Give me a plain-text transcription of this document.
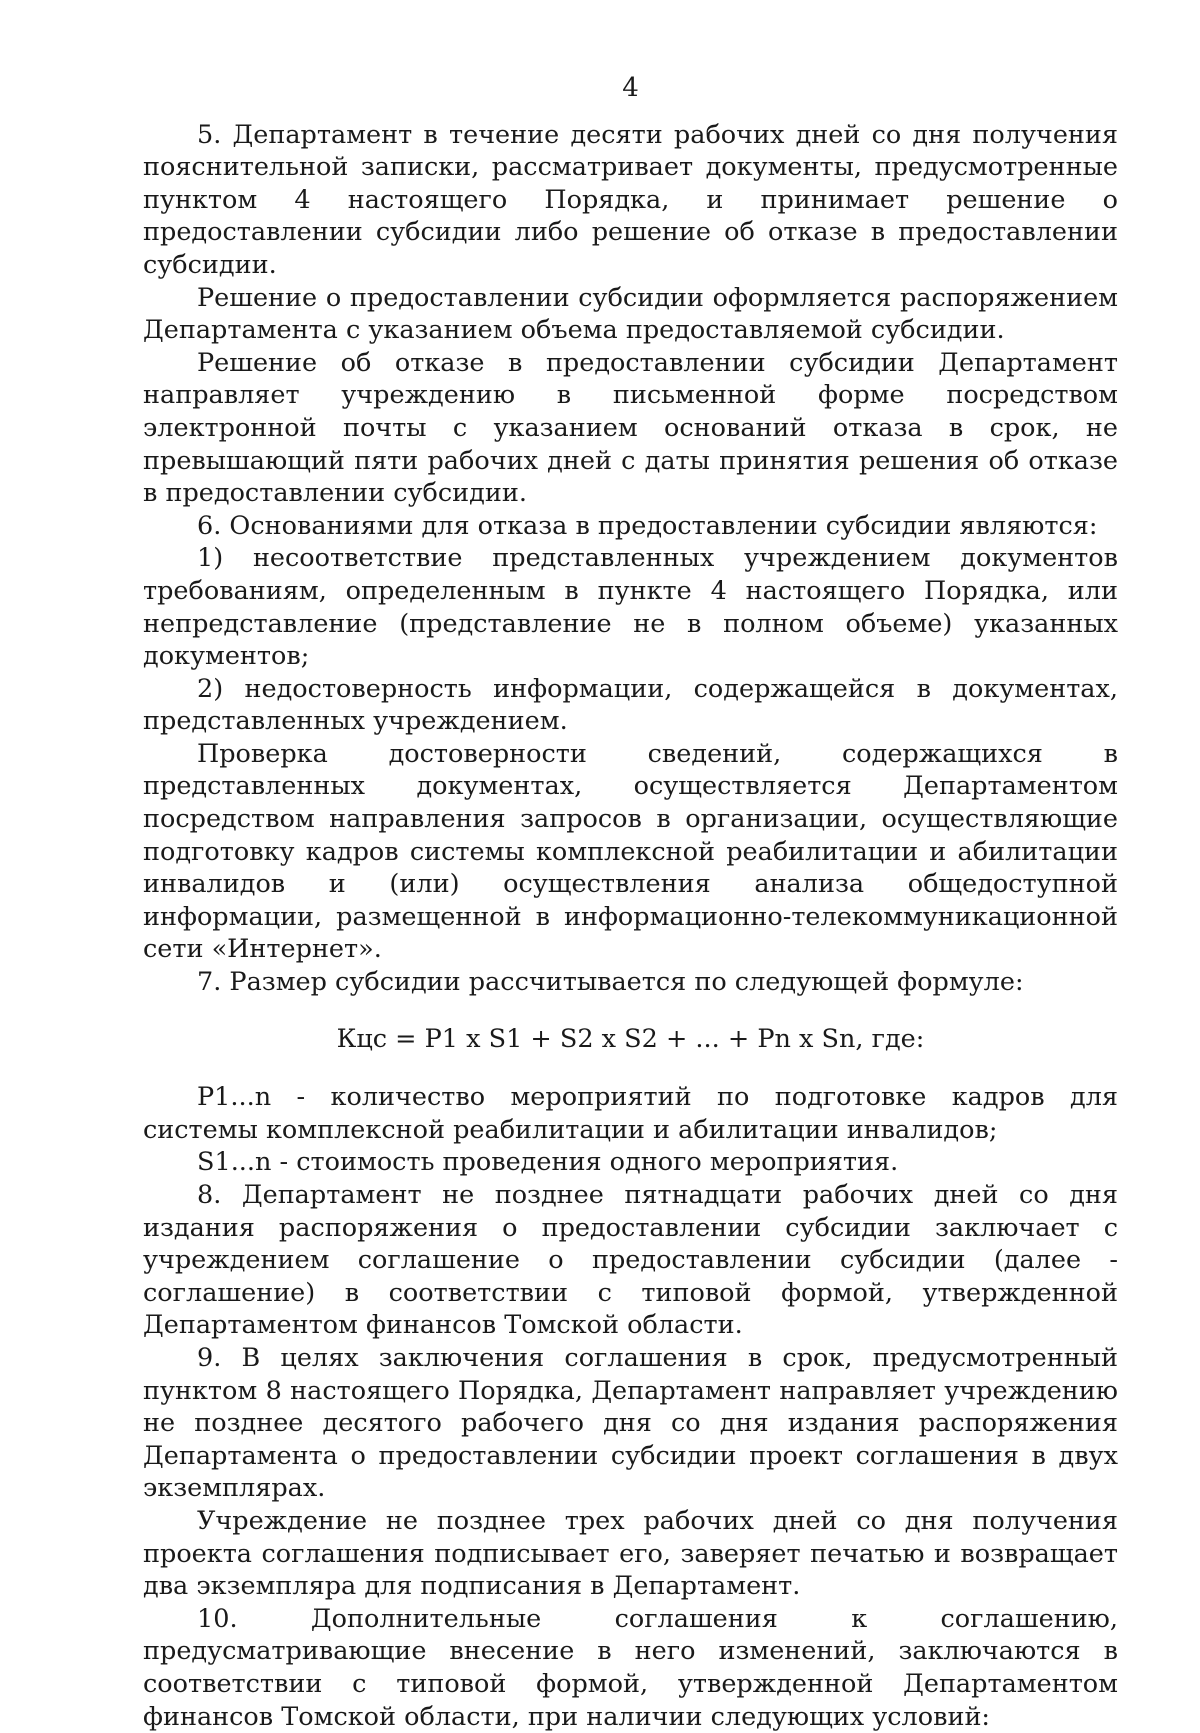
4

5. Департамент в течение десяти рабочих дней со дня получения пояснительной записки, рассматривает документы, предусмотренные пунктом 4 настоящего Порядка, и принимает решение о предоставлении субсидии либо решение об отказе в предоставлении субсидии.

Решение о предоставлении субсидии оформляется распоряжением Департамента с указанием объема предоставляемой субсидии.

Решение об отказе в предоставлении субсидии Департамент направляет учреждению в письменной форме посредством электронной почты с указанием оснований отказа в срок, не превышающий пяти рабочих дней с даты принятия решения об отказе в предоставлении субсидии.

6. Основаниями для отказа в предоставлении субсидии являются:

1) несоответствие представленных учреждением документов требованиям, определенным в пункте 4 настоящего Порядка, или непредставление (представление не в полном объеме) указанных документов;

2) недостоверность информации, содержащейся в документах, представленных учреждением.

Проверка достоверности сведений, содержащихся в представленных документах, осуществляется Департаментом посредством направления запросов в организации, осуществляющие подготовку кадров системы комплексной реабилитации и абилитации инвалидов и (или) осуществления анализа общедоступной информации, размещенной в информационно-телекоммуникационной сети «Интернет».

7. Размер субсидии рассчитывается по следующей формуле:

Кцс = P1 x S1 + S2 x S2 + ... + Pn x Sn, где:

P1...n - количество мероприятий по подготовке кадров для системы комплексной реабилитации и абилитации инвалидов;

S1...n - стоимость проведения одного мероприятия.

8. Департамент не позднее пятнадцати рабочих дней со дня издания распоряжения о предоставлении субсидии заключает с учреждением соглашение о предоставлении субсидии (далее - соглашение) в соответствии с типовой формой, утвержденной Департаментом финансов Томской области.

9. В целях заключения соглашения в срок, предусмотренный пунктом 8 настоящего Порядка, Департамент направляет учреждению не позднее десятого рабочего дня со дня издания распоряжения Департамента о предоставлении субсидии проект соглашения в двух экземплярах.

Учреждение не позднее трех рабочих дней со дня получения проекта соглашения подписывает его, заверяет печатью и возвращает два экземпляра для подписания в Департамент.

10. Дополнительные соглашения к соглашению, предусматривающие внесение в него изменений, заключаются в соответствии с типовой формой, утвержденной Департаментом финансов Томской области, при наличии следующих условий:
